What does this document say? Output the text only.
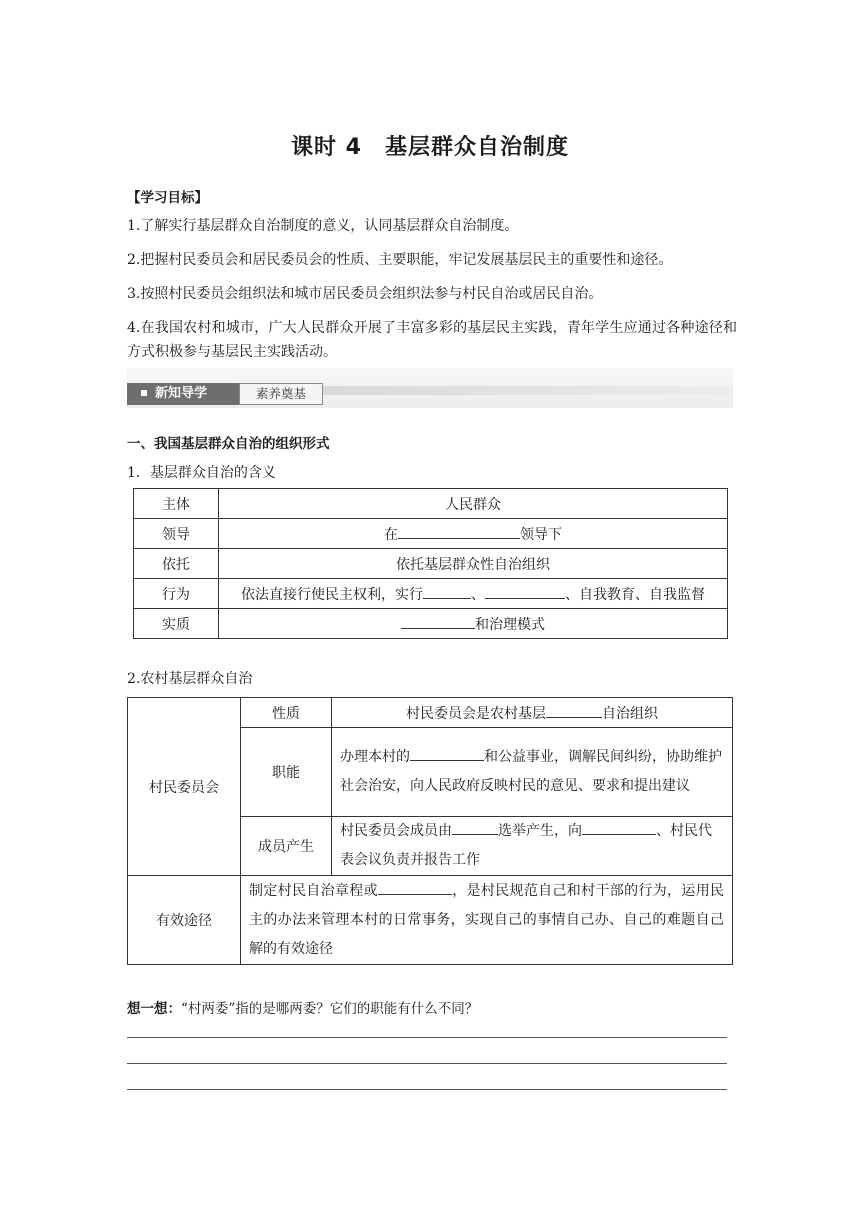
课时 4　基层群众自治制度
【学习目标】

1.了解实行基层群众自治制度的意义，认同基层群众自治制度。

2.把握村民委员会和居民委员会的性质、主要职能，牢记发展基层民主的重要性和途径。

3.按照村民委员会组织法和城市居民委员会组织法参与村民自治或居民自治。

4.在我国农村和城市，广大人民群众开展了丰富多彩的基层民主实践，青年学生应通过各种途径和方式积极参与基层民主实践活动。

新知导学	素养奠基
一、我国基层群众自治的组织形式
1．基层群众自治的含义
主体	人民群众
领导	在 领导下
依托	依托基层群众性自治组织
行为	依法直接行使民主权利，实行 、 、自我教育、自我监督
实质	和治理模式
2.农村基层群众自治
村民委员会	性质	村民委员会是农村基层 自治组织
	职能	办理本村的 和公益事业，调解民间纠纷，协助维护社会治安，向人民政府反映村民的意见、要求和提出建议
	成员产生	村民委员会成员由 选举产生，向 、村民代表会议负责并报告工作
有效途径	制定村民自治章程或 ，是村民规范自己和村干部的行为，运用民主的办法来管理本村的日常事务，实现自己的事情自己办、自己的难题自己解的有效途径	
想一想：“村两委”指的是哪两委？它们的职能有什么不同？
